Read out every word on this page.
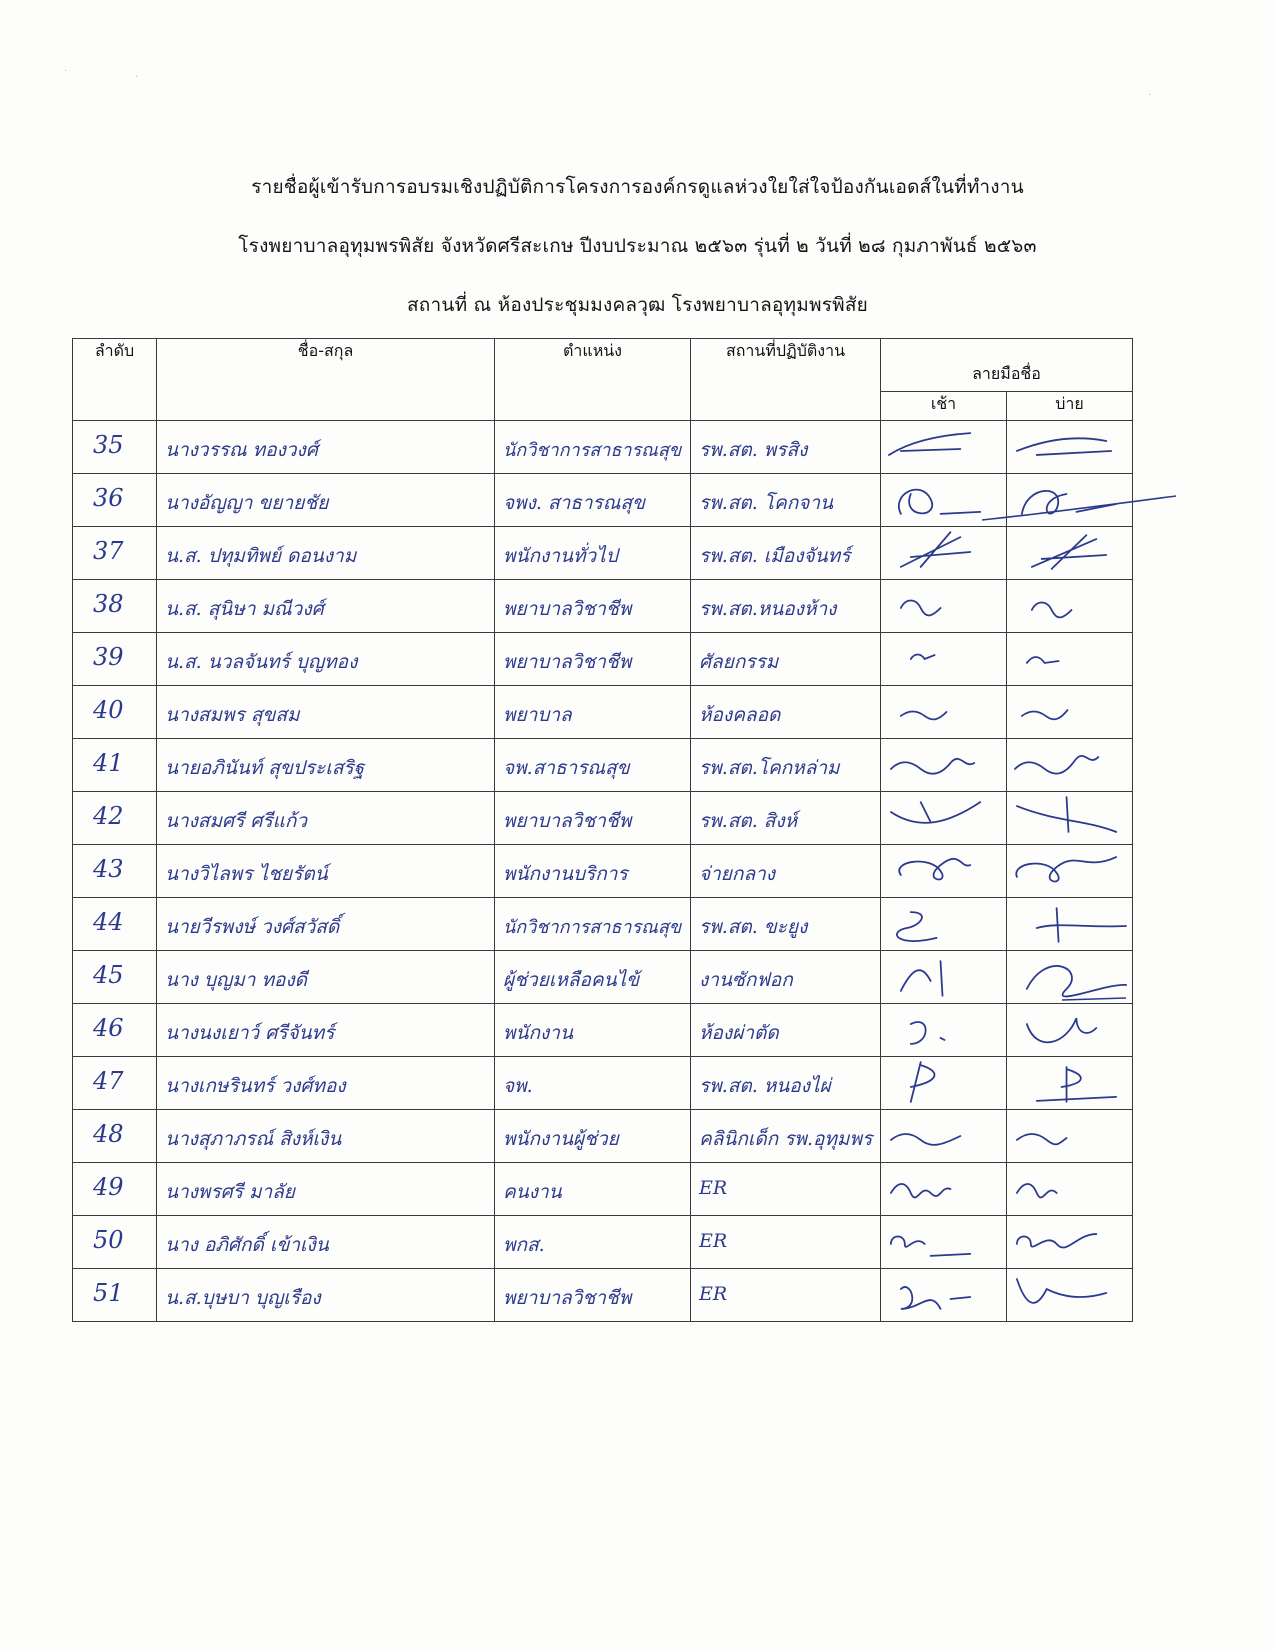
·
·
·
รายชื่อผู้เข้ารับการอบรมเชิงปฏิบัติการโครงการองค์กรดูแลห่วงใยใส่ใจป้องกันเอดส์ในที่ทำงาน
โรงพยาบาลอุทุมพรพิสัย จังหวัดศรีสะเกษ ปีงบประมาณ ๒๕๖๓ รุ่นที่ ๒ วันที่ ๒๘ กุมภาพันธ์ ๒๕๖๓
สถานที่ ณ ห้องประชุมมงคลวุฒ โรงพยาบาลอุทุมพรพิสัย
ลำดับ	ชื่อ-สกุล	ตำแหน่ง	สถานที่ปฏิบัติงาน	ลายมือชื่อ	
				เช้า	บ่าย

35	นางวรรณ ทองวงศ์	นักวิชาการสาธารณสุข	รพ.สต. พรสิง

36	นางอัญญา ขยายชัย	จพง. สาธารณสุข	รพ.สต. โคกจาน

37	น.ส. ปทุมทิพย์ ดอนงาม	พนักงานทั่วไป	รพ.สต. เมืองจันทร์

38	น.ส. สุนิษา มณีวงศ์	พยาบาลวิชาชีพ	รพ.สต.หนองห้าง

39	น.ส. นวลจันทร์ บุญทอง	พยาบาลวิชาชีพ	ศัลยกรรม

40	นางสมพร สุขสม	พยาบาล	ห้องคลอด

41	นายอภินันท์ สุขประเสริฐ	จพ.สาธารณสุข	รพ.สต.โคกหล่าม

42	นางสมศรี ศรีแก้ว	พยาบาลวิชาชีพ	รพ.สต. สิงห์

43	นางวิไลพร ไชยรัตน์	พนักงานบริการ	จ่ายกลาง

44	นายวีรพงษ์ วงศ์สวัสดิ์	นักวิชาการสาธารณสุข	รพ.สต. ขะยูง

45	นาง บุญมา ทองดี	ผู้ช่วยเหลือคนไข้	งานซักฟอก

46	นางนงเยาว์ ศรีจันทร์	พนักงาน	ห้องผ่าตัด

47	นางเกษรินทร์ วงศ์ทอง	จพ.	รพ.สต. หนองไผ่

48	นางสุภาภรณ์ สิงห์เงิน	พนักงานผู้ช่วย	คลินิกเด็ก รพ.อุทุมพร

49	นางพรศรี มาลัย	คนงาน	ER

50	นาง อภิศักดิ์ เข้าเงิน	พกส.	ER

51	น.ส.บุษบา บุญเรือง	พยาบาลวิชาชีพ	ER
